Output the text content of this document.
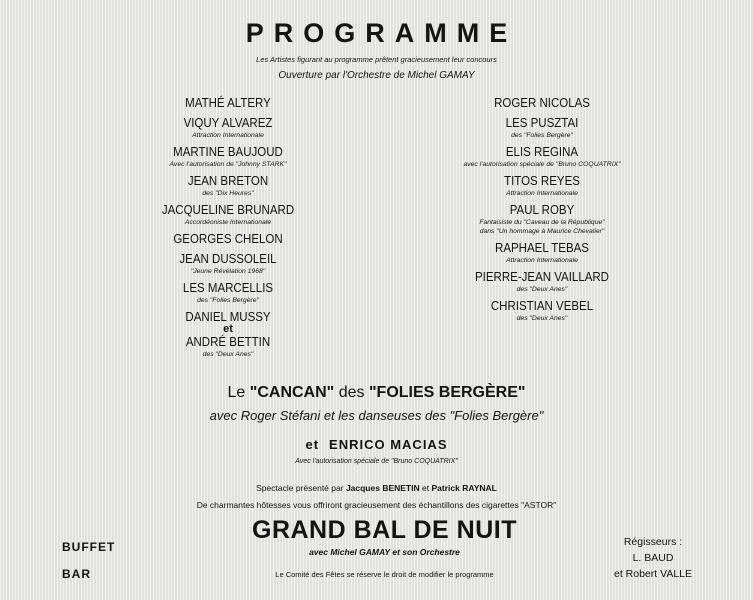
PROGRAMME
Les Artistes figurant au programme prêtent gracieusement leur concours
Ouverture par l'Orchestre de Michel GAMAY
MATHÉ ALTERY
VIQUY ALVAREZ
Attraction Internationale
MARTINE BAUJOUD
Avec l'autorisation de "Johnny STARK"
JEAN BRETON
des "Dix Heures"
JACQUELINE BRUNARD
Accordéoniste Internationale
GEORGES CHELON
JEAN DUSSOLEIL
"Jeune Révélation 1968"
LES MARCELLIS
des "Folies Bergère"
DANIEL MUSSY
et
ANDRÉ BETTIN
des "Deux Anes"
ROGER NICOLAS
LES PUSZTAI
des "Folies Bergère"
ELIS REGINA
avec l'autorisation spéciale de "Bruno COQUATRIX"
TITOS REYES
Attraction Internationale
PAUL ROBY
Fantaisiste du "Caveau de la République"
dans "Un hommage à Maurice Chevalier"
RAPHAEL TEBAS
Attraction Internationale
PIERRE-JEAN VAILLARD
des "Deux Anes"
CHRISTIAN VEBEL
des "Deux Anes"
Le "CANCAN" des "FOLIES BERGÈRE"
avec Roger Stéfani et les danseuses des "Folies Bergère"
et ENRICO MACIAS
Avec l'autorisation spéciale de "Bruno COQUATRIX"
Spectacle présenté par Jacques BENETIN et Patrick RAYNAL
De charmantes hôtesses vous offriront gracieusement des échantillons des cigarettes "ASTOR"
GRAND BAL DE NUIT
avec Michel GAMAY et son Orchestre
Le Comité des Fêtes se réserve le droit de modifier le programme
BUFFET
BAR
Régisseurs :
L. BAUD
et Robert VALLE
